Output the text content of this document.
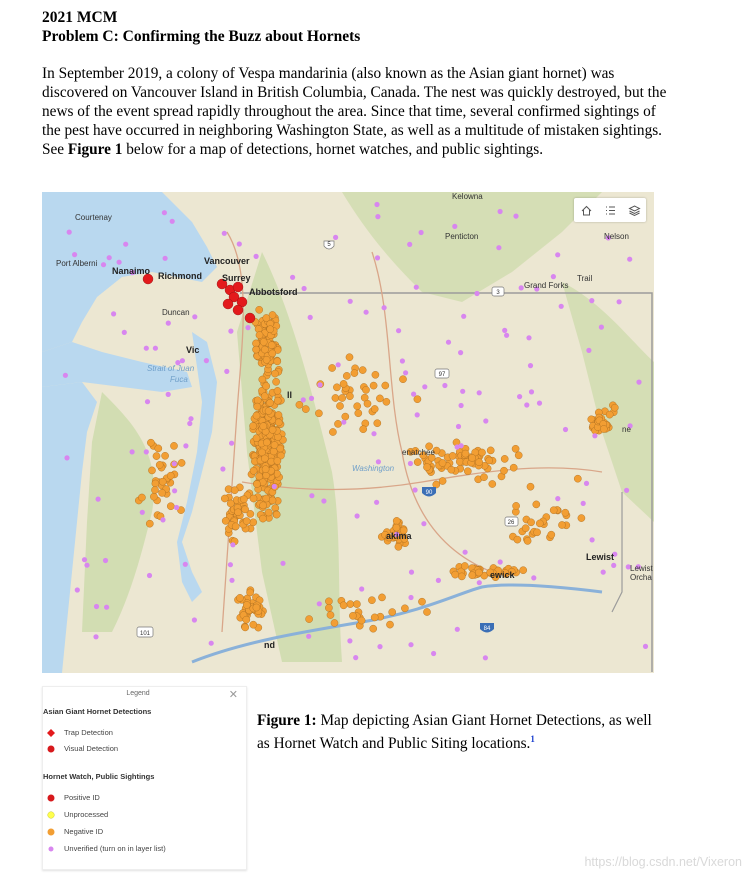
2021 MCM
Problem C: Confirming the Buzz about Hornets
In September 2019, a colony of Vespa mandarinia (also known as the Asian giant hornet) was discovered on Vancouver Island in British Columbia, Canada. The nest was quickly destroyed, but the news of the event spread rapidly throughout the area. Since that time, several confirmed sightings of the pest have occurred in neighboring Washington State, as well as a multitude of mistaken sightings. See Figure 1 below for a map of detections, hornet watches, and public sightings.
Kelowna
Courtenay
Penticton	Nelson
Port Alberni
Nanaimo Richmond
Vancouver
Surrey
Abbotsford
Grand Forks
Trail
Duncan
Vic
Strait of Juan
Fuca
ll
enatchee
Washington
akima
ewick
Lewist
Lewist
Orcha
ne
nd
5
3
97
90
26
101
84
Legend	✕
Asian Giant Hornet Detections
Trap Detection
Visual Detection
Hornet Watch, Public Sightings
Positive ID
Unprocessed
Negative ID
Unverified (turn on in layer list)
Figure 1: Map depicting Asian Giant Hornet Detections, as well as Hornet Watch and Public Siting locations.$^1$
https://blog.csdn.net/Vixeron
